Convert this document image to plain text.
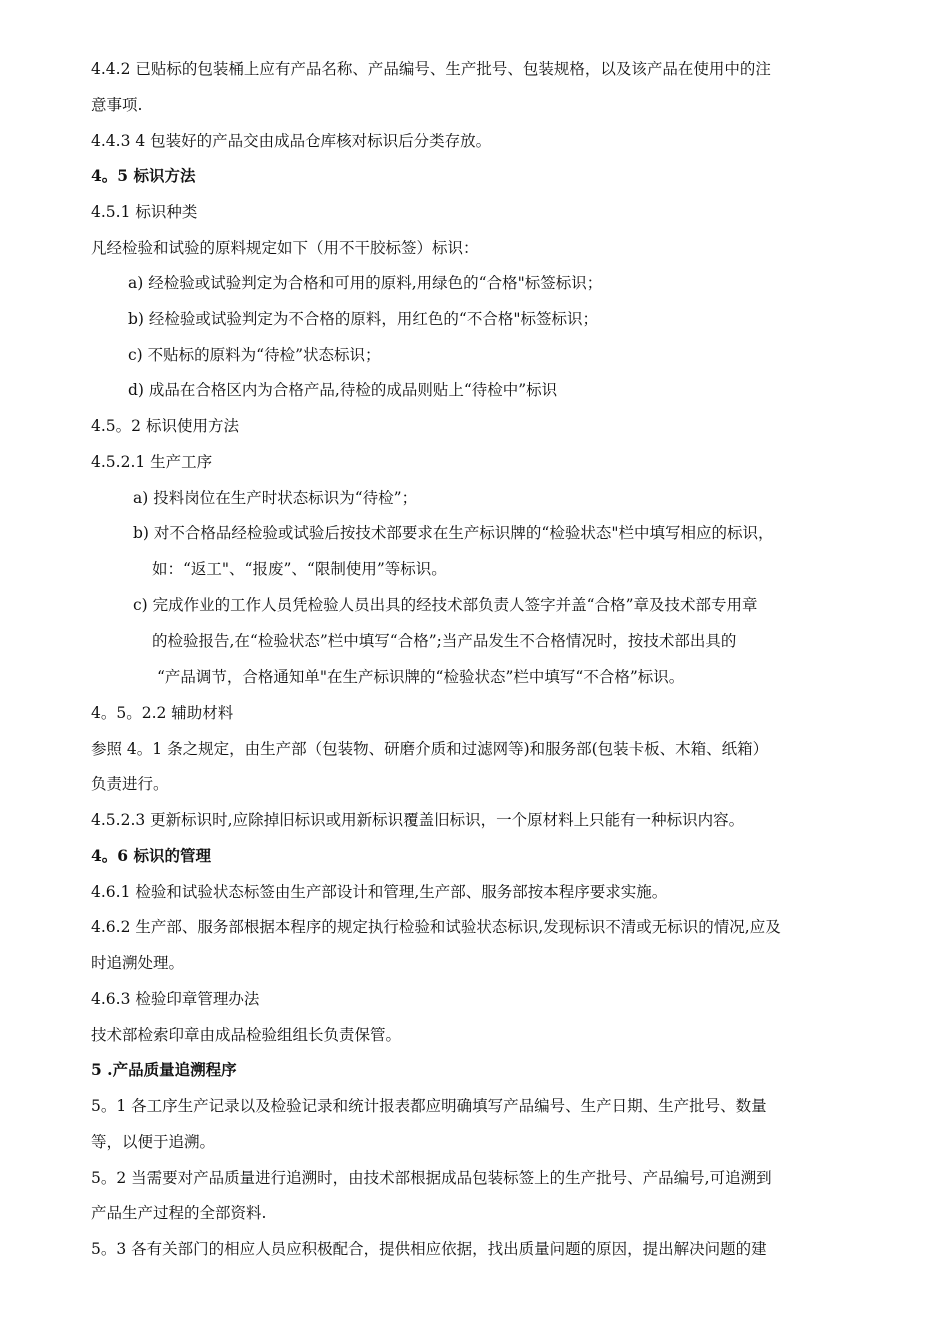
4.4.2 已贴标的包装桶上应有产品名称、产品编号、生产批号、包装规格，以及该产品在使用中的注
意事项.
4.4.3 4 包装好的产品交由成品仓库核对标识后分类存放。
4。5 标识方法
4.5.1 标识种类
凡经检验和试验的原料规定如下（用不干胶标签）标识：
a) 经检验或试验判定为合格和可用的原料,用绿色的“合格"标签标识；
b) 经检验或试验判定为不合格的原料，用红色的“不合格"标签标识；
c) 不贴标的原料为“待检”状态标识；
d) 成品在合格区内为合格产品,待检的成品则贴上“待检中”标识
4.5。2 标识使用方法
4.5.2.1 生产工序
a) 投料岗位在生产时状态标识为“待检”；
b) 对不合格品经检验或试验后按技术部要求在生产标识牌的“检验状态"栏中填写相应的标识，
如：“返工"、“报废”、“限制使用”等标识。
c) 完成作业的工作人员凭检验人员出具的经技术部负责人签字并盖“合格”章及技术部专用章
的检验报告,在“检验状态”栏中填写“合格”;当产品发生不合格情况时，按技术部出具的
“产品调节，合格通知单"在生产标识牌的“检验状态”栏中填写“不合格”标识。
4。5。2.2 辅助材料
参照 4。1 条之规定，由生产部（包装物、研磨介质和过滤网等)和服务部(包装卡板、木箱、纸箱）
负责进行。
4.5.2.3 更新标识时,应除掉旧标识或用新标识覆盖旧标识，一个原材料上只能有一种标识内容。
4。6 标识的管理
4.6.1 检验和试验状态标签由生产部设计和管理,生产部、服务部按本程序要求实施。
4.6.2 生产部、服务部根据本程序的规定执行检验和试验状态标识,发现标识不清或无标识的情况,应及
时追溯处理。
4.6.3 检验印章管理办法
技术部检索印章由成品检验组组长负责保管。
5 .产品质量追溯程序
5。1 各工序生产记录以及检验记录和统计报表都应明确填写产品编号、生产日期、生产批号、数量
等，以便于追溯。
5。2 当需要对产品质量进行追溯时，由技术部根据成品包装标签上的生产批号、产品编号,可追溯到
产品生产过程的全部资料.
5。3 各有关部门的相应人员应积极配合，提供相应依据，找出质量问题的原因，提出解决问题的建
